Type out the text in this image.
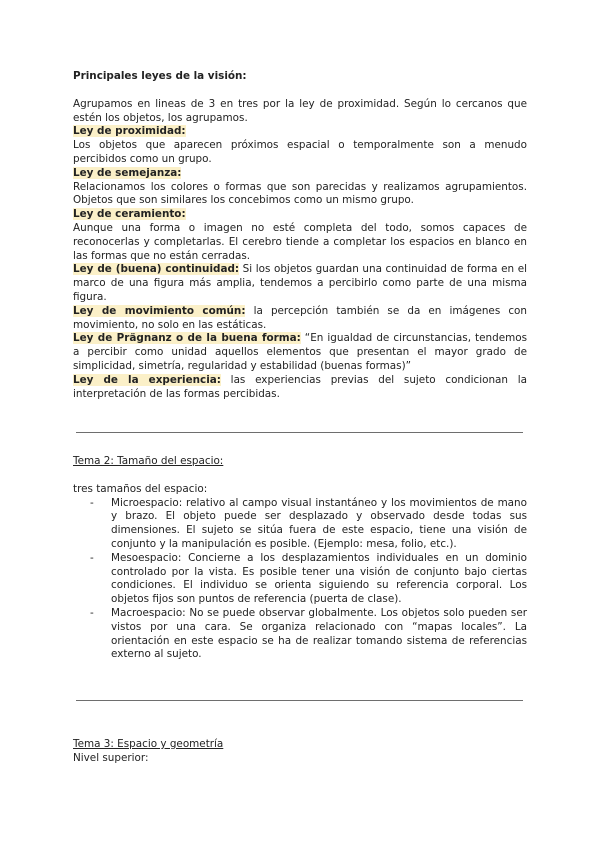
Principales leyes de la visión:

Agrupamos en lineas de 3 en tres por la ley de proximidad. Según lo cercanos que estén los objetos, los agrupamos.

Ley de proximidad:

Los objetos que aparecen próximos espacial o temporalmente son a menudo percibidos como un grupo.

Ley de semejanza:

Relacionamos los colores o formas que son parecidas y realizamos agrupamientos. Objetos que son similares los concebimos como un mismo grupo.

Ley de ceramiento:

Aunque una forma o imagen no esté completa del todo, somos capaces de reconocerlas y completarlas. El cerebro tiende a completar los espacios en blanco en las formas que no están cerradas.

Ley de (buena) continuidad: Si los objetos guardan una continuidad de forma en el marco de una figura más amplia, tendemos a percibirlo como parte de una misma figura.

Ley de movimiento común: la percepción también se da en imágenes con movimiento, no solo en las estáticas.

Ley de Prägnanz o de la buena forma: “En igualdad de circunstancias, tendemos a percibir como unidad aquellos elementos que presentan el mayor grado de simplicidad, simetría, regularidad y estabilidad (buenas formas)”

Ley de la experiencia: las experiencias previas del sujeto condicionan la interpretación de las formas percibidas.

Tema 2: Tamaño del espacio:

tres tamaños del espacio:

- Microespacio: relativo al campo visual instantáneo y los movimientos de mano y brazo. El objeto puede ser desplazado y observado desde todas sus dimensiones. El sujeto se sitúa fuera de este espacio, tiene una visión de conjunto y la manipulación es posible. (Ejemplo: mesa, folio, etc.).
- Mesoespacio: Concierne a los desplazamientos individuales en un dominio controlado por la vista. Es posible tener una visión de conjunto bajo ciertas condiciones. El individuo se orienta siguiendo su referencia corporal. Los objetos fijos son puntos de referencia (puerta de clase).
- Macroespacio: No se puede observar globalmente. Los objetos solo pueden ser vistos por una cara. Se organiza relacionado con “mapas locales”. La orientación en este espacio se ha de realizar tomando sistema de referencias externo al sujeto.

Tema 3: Espacio y geometría

Nivel superior:
